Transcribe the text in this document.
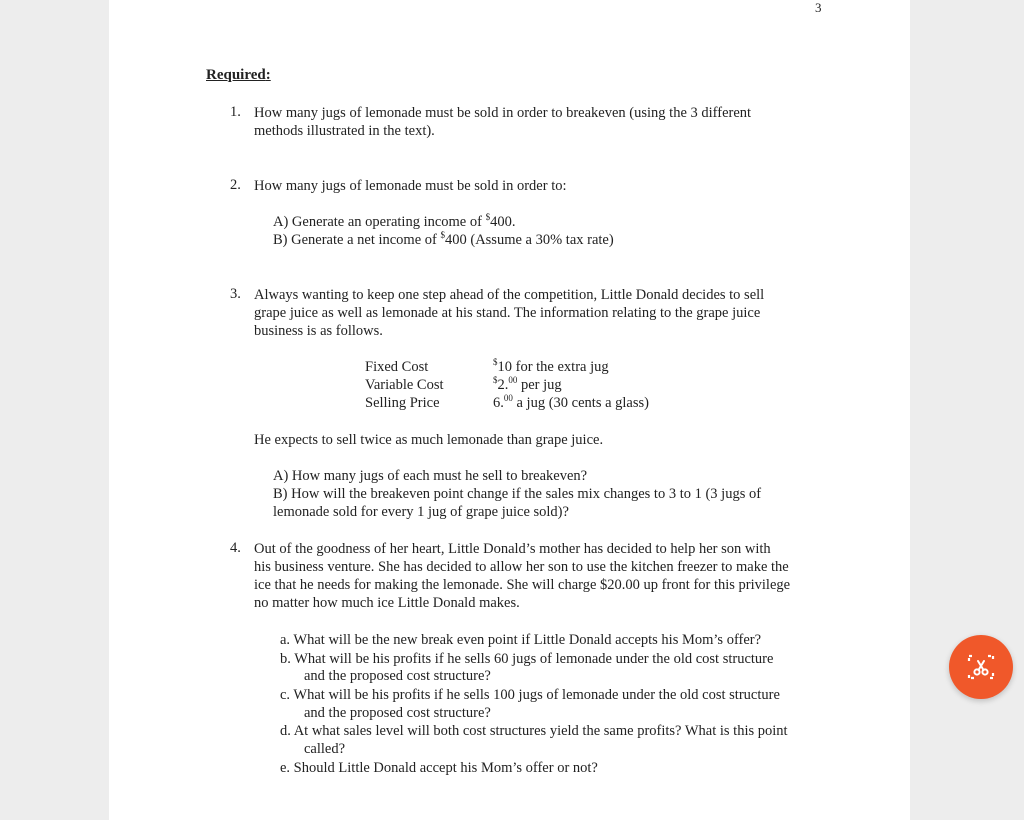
3
Required:
1. How many jugs of lemonade must be sold in order to breakeven (using the 3 different
methods illustrated in the text).
2. How many jugs of lemonade must be sold in order to:
A) Generate an operating income of $400.
B) Generate a net income of $400 (Assume a 30% tax rate)
3. Always wanting to keep one step ahead of the competition, Little Donald decides to sell
grape juice as well as lemonade at his stand. The information relating to the grape juice
business is as follows.
Fixed Cost	$10 for the extra jug
Variable Cost	$2.00 per jug
Selling Price	6.00 a jug (30 cents a glass)
He expects to sell twice as much lemonade than grape juice.
A) How many jugs of each must he sell to breakeven?
B) How will the breakeven point change if the sales mix changes to 3 to 1 (3 jugs of
lemonade sold for every 1 jug of grape juice sold)?
4. Out of the goodness of her heart, Little Donald’s mother has decided to help her son with
his business venture. She has decided to allow her son to use the kitchen freezer to make the
ice that he needs for making the lemonade. She will charge $20.00 up front for this privilege
no matter how much ice Little Donald makes.
a. What will be the new break even point if Little Donald accepts his Mom’s offer?
b. What will be his profits if he sells 60 jugs of lemonade under the old cost structure
and the proposed cost structure?
c. What will be his profits if he sells 100 jugs of lemonade under the old cost structure
and the proposed cost structure?
d. At what sales level will both cost structures yield the same profits? What is this point
called?
e. Should Little Donald accept his Mom’s offer or not?
